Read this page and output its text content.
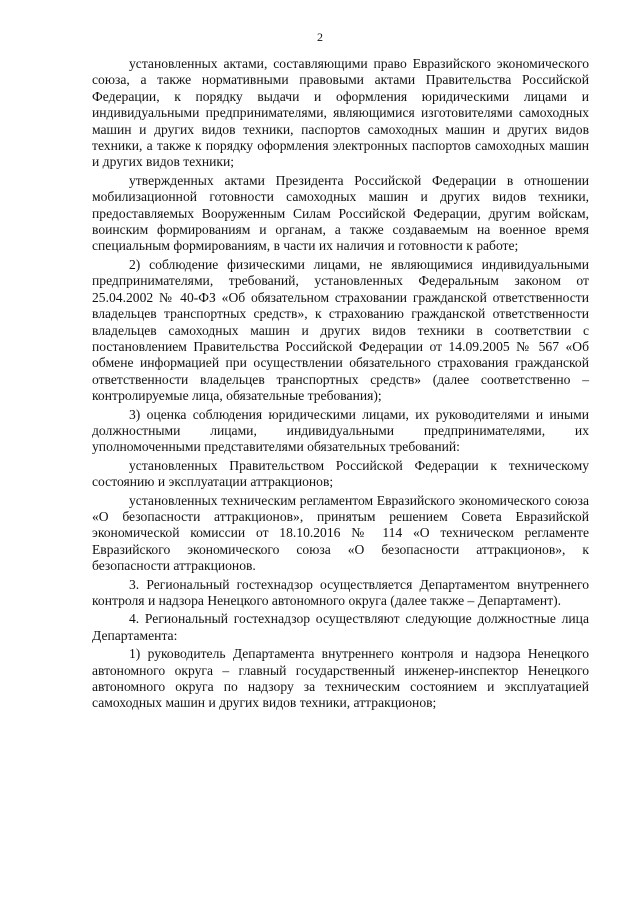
2

установленных актами, составляющими право Евразийского экономического союза, а также нормативными правовыми актами Правительства Российской Федерации, к порядку выдачи и оформления юридическими лицами и индивидуальными предпринимателями, являющимися изготовителями самоходных машин и других видов техники, паспортов самоходных машин и других видов техники, а также к порядку оформления электронных паспортов самоходных машин и других видов техники;

утвержденных актами Президента Российской Федерации в отношении мобилизационной готовности самоходных машин и других видов техники, предоставляемых Вооруженным Силам Российской Федерации, другим войскам, воинским формированиям и органам, а также создаваемым на военное время специальным формированиям, в части их наличия и готовности к работе;

2) соблюдение физическими лицами, не являющимися индивидуальными предпринимателями, требований, установленных Федеральным законом от 25.04.2002 № 40-ФЗ «Об обязательном страховании гражданской ответственности владельцев транспортных средств», к страхованию гражданской ответственности владельцев самоходных машин и других видов техники в соответствии с постановлением Правительства Российской Федерации от 14.09.2005 № 567 «Об обмене информацией при осуществлении обязательного страхования гражданской ответственности владельцев транспортных средств» (далее соответственно – контролируемые лица, обязательные требования);

3) оценка соблюдения юридическими лицами, их руководителями и иными должностными лицами, индивидуальными предпринимателями, их уполномоченными представителями обязательных требований:

установленных Правительством Российской Федерации к техническому состоянию и эксплуатации аттракционов;

установленных техническим регламентом Евразийского экономического союза «О безопасности аттракционов», принятым решением Совета Евразийской экономической комиссии от 18.10.2016 № 114 «О техническом регламенте Евразийского экономического союза «О безопасности аттракционов», к безопасности аттракционов.

3. Региональный гостехнадзор осуществляется Департаментом внутреннего контроля и надзора Ненецкого автономного округа (далее также – Департамент).

4. Региональный гостехнадзор осуществляют следующие должностные лица Департамента:

1) руководитель Департамента внутреннего контроля и надзора Ненецкого автономного округа – главный государственный инженер-инспектор Ненецкого автономного округа по надзору за техническим состоянием и эксплуатацией самоходных машин и других видов техники, аттракционов;
